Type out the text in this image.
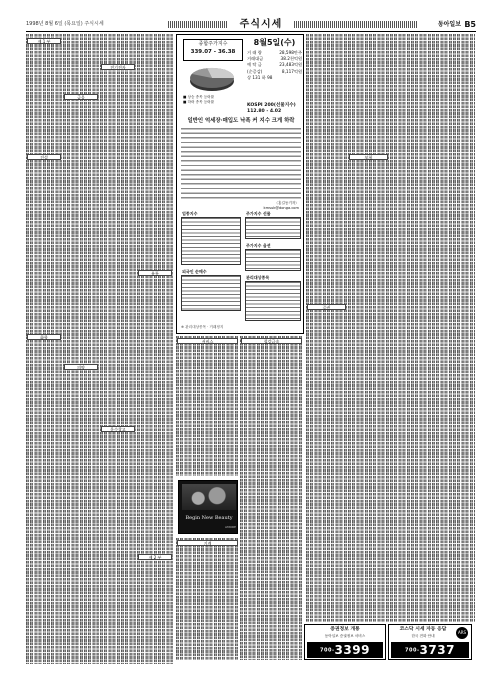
1998년 8월 6일 (목요일) 주식시세	주식시세	동아일보 B5
제 1 부
건설
화학
금융
의약
전기전자
운수창고
유통
제 2 부
서비스	철강금속
기계
증권
보험
종합주가지수
339.07 - 36.38
■ 상승 종목 등락률
■ 하락 종목 등락률
8월5일(수)
거 래 량	28,598만주
거래대금	38.2천억원
예 탁 금	23,483억원
(순증감)	8,117억원
상 131 하 98
KOSPI 200(선물지수)
112.80 - 4.02
일반인 억세장·매입도 낙폭 커 지수 크게 하락
〈홍길동기자〉kmsuk@donga.com
업종지수	주가지수 선물
주가지수 옵션
외국인 순매수
관리대상종목
※ 관리대상종목 · 거래정지
Begin New Beauty
AMORE
증권정보 개통
동아일보 증권정보 서비스
700-3399
코스닥 시세 자동 응답
한국 전화 안내
ARS
700-3737
